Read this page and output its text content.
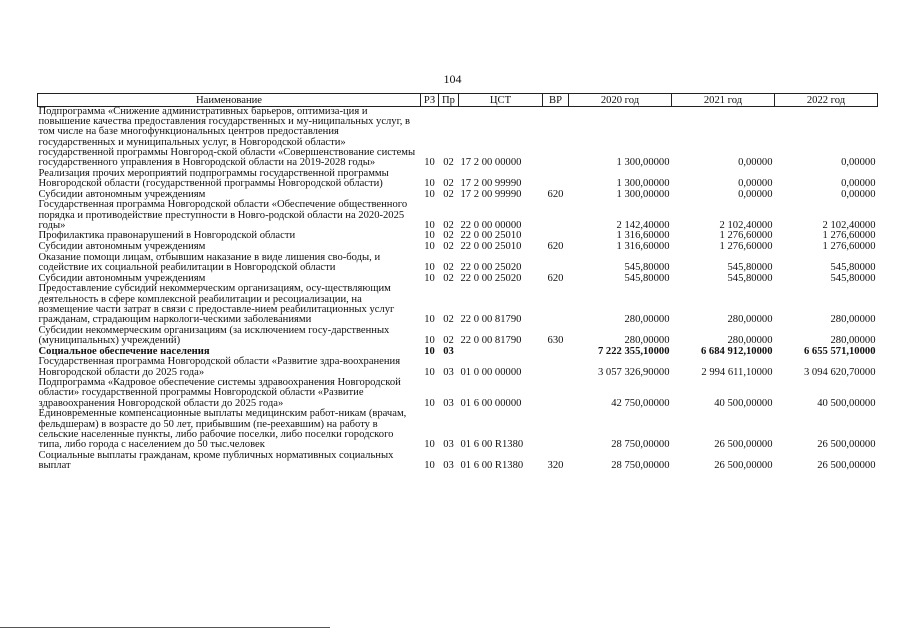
104
Наименование	РЗ	Пр	ЦСТ	ВР	2020 год	2021 год	2022 год
Подпрограмма «Снижение административных барьеров, оптимиза-ция и повышение качества предоставления государственных и му-ниципальных услуг, в том числе на базе многофункциональных центров предоставления государственных и муниципальных услуг, в Новгородской области» государственной программы Новгород-ской области «Совершенствование системы государственного управления в Новгородской области на 2019-2028 годы»	10	02	17 2 00 00000		1 300,00000	0,00000	0,00000
Реализация прочих мероприятий подпрограммы государственной программы Новгородской области (государственной программы Новгородской области)	10	02	17 2 00 99990		1 300,00000	0,00000	0,00000
Субсидии автономным учреждениям	10	02	17 2 00 99990	620	1 300,00000	0,00000	0,00000
Государственная программа Новгородской области «Обеспечение общественного порядка и противодействие преступности в Новго-родской области на 2020-2025 годы»	10	02	22 0 00 00000		2 142,40000	2 102,40000	2 102,40000
Профилактика правонарушений в Новгородской области	10	02	22 0 00 25010		1 316,60000	1 276,60000	1 276,60000
Субсидии автономным учреждениям	10	02	22 0 00 25010	620	1 316,60000	1 276,60000	1 276,60000
Оказание помощи лицам, отбывшим наказание в виде лишения сво-боды, и содействие их социальной реабилитации в Новгородской области	10	02	22 0 00 25020		545,80000	545,80000	545,80000
Субсидии автономным учреждениям	10	02	22 0 00 25020	620	545,80000	545,80000	545,80000
Предоставление субсидий некоммерческим организациям, осу-ществляющим деятельность в сфере комплексной реабилитации и ресоциализации, на возмещение части затрат в связи с предоставле-нием реабилитационных услуг гражданам, страдающим наркологи-ческими заболеваниями	10	02	22 0 00 81790		280,00000	280,00000	280,00000
Субсидии некоммерческим организациям (за исключением госу-дарственных (муниципальных) учреждений)	10	02	22 0 00 81790	630	280,00000	280,00000	280,00000
Социальное обеспечение населения	10	03			7 222 355,10000	6 684 912,10000	6 655 571,10000
Государственная программа Новгородской области «Развитие здра-воохранения Новгородской области до 2025 года»	10	03	01 0 00 00000		3 057 326,90000	2 994 611,10000	3 094 620,70000
Подпрограмма «Кадровое обеспечение системы здравоохранения Новгородской области» государственной программы Новгородской области «Развитие здравоохранения Новгородской области до 2025 года»	10	03	01 6 00 00000		42 750,00000	40 500,00000	40 500,00000
Единовременные компенсационные выплаты медицинским работ-никам (врачам, фельдшерам) в возрасте до 50 лет, прибывшим (пе-реехавшим) на работу в сельские населенные пункты, либо рабочие поселки, либо поселки городского типа, либо города с населением до 50 тыс.человек	10	03	01 6 00 R1380		28 750,00000	26 500,00000	26 500,00000
Социальные выплаты гражданам, кроме публичных нормативных социальных выплат	10	03	01 6 00 R1380	320	28 750,00000	26 500,00000	26 500,00000
